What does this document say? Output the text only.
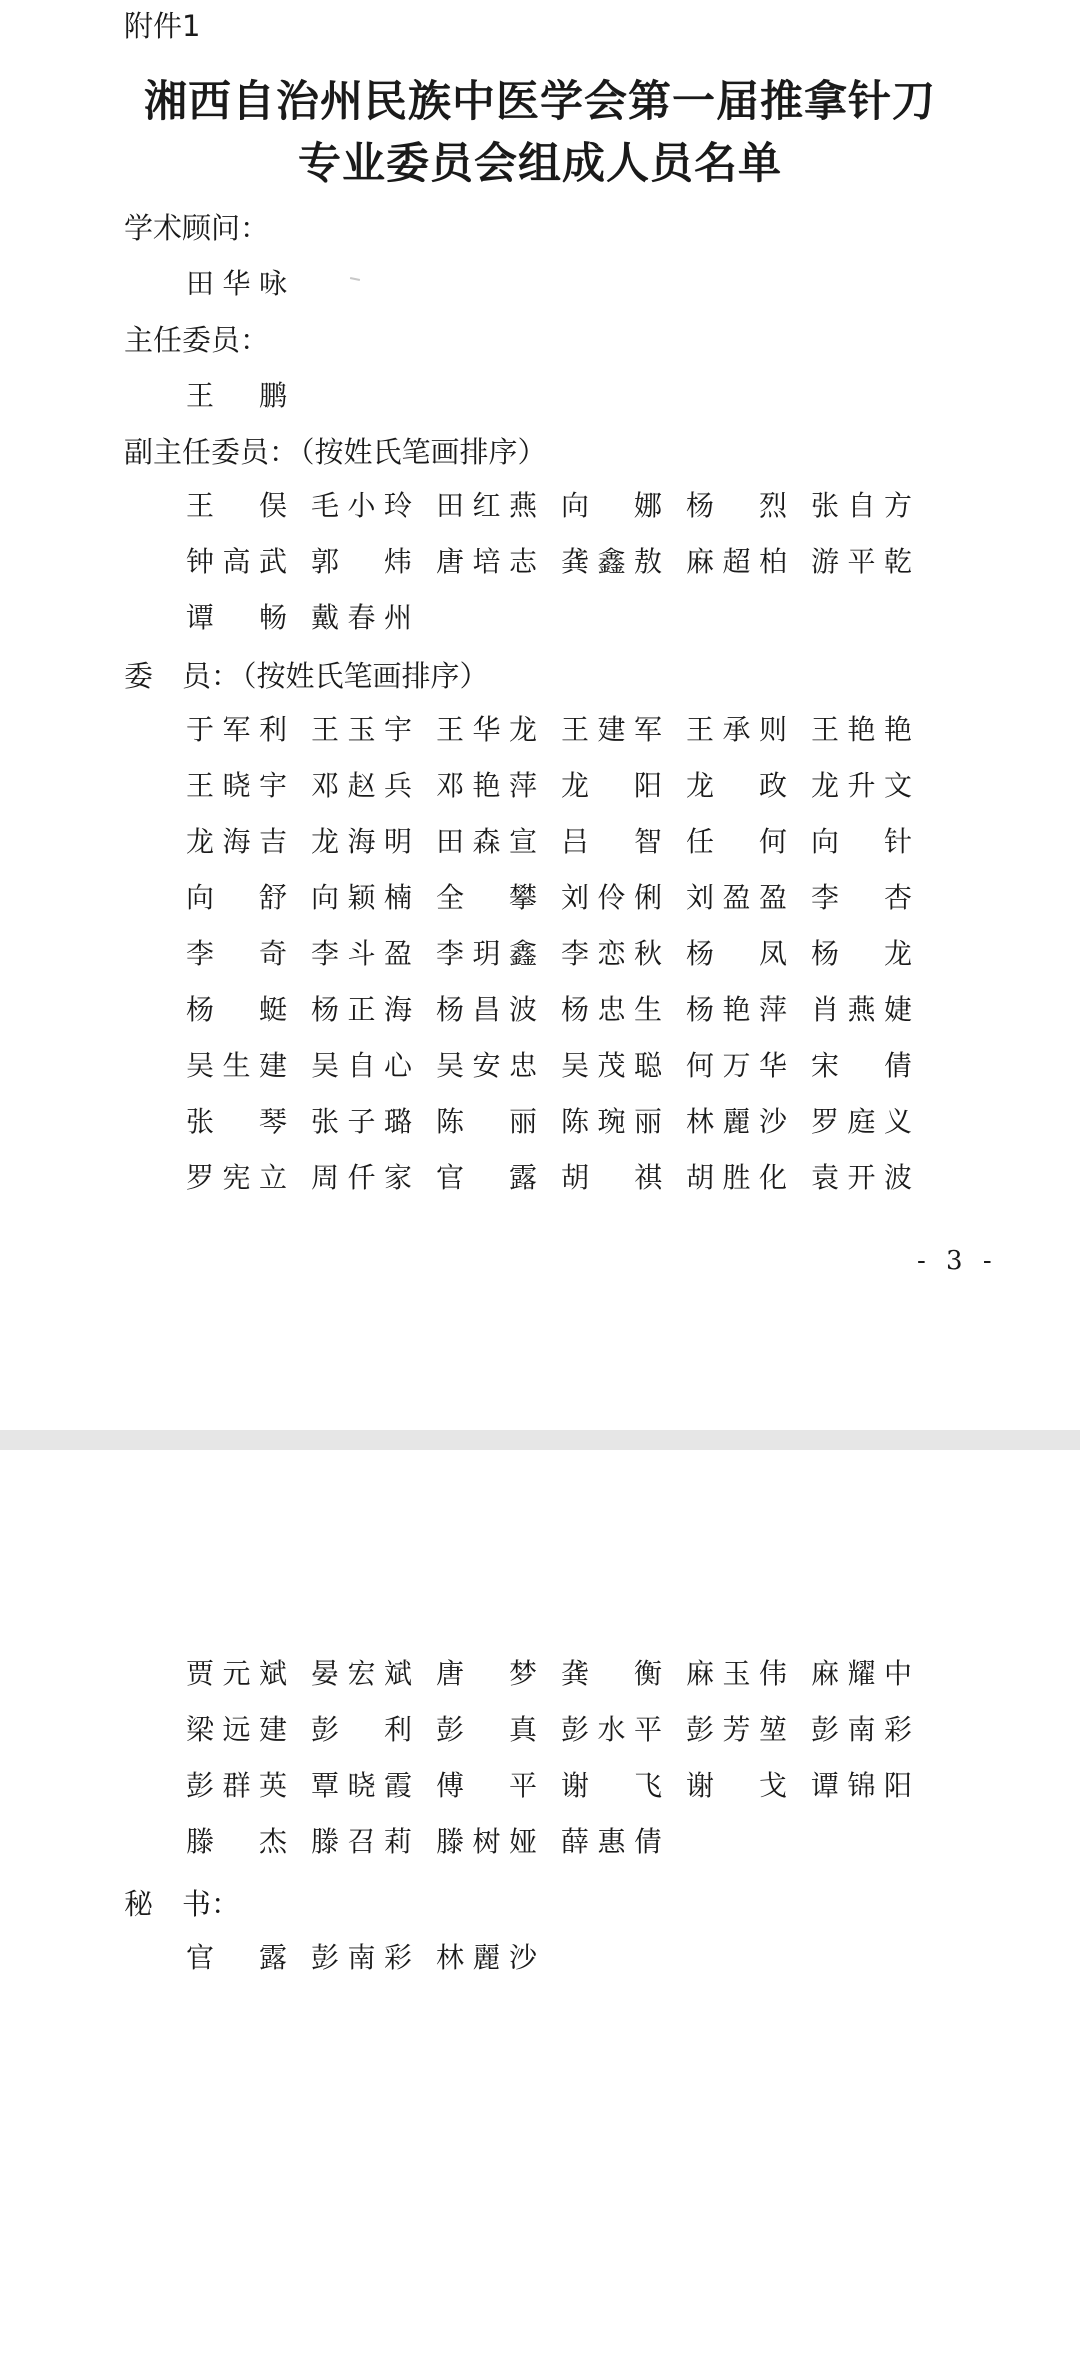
附件1
湘西自治州民族中医学会第一届推拿针刀
专业委员会组成人员名单
学术顾问：
田华咏
主任委员：
王　鹏
副主任委员：（按姓氏笔画排序）
王　俣 毛小玲 田红燕 向　娜 杨　烈 张自方
钟高武 郭　炜 唐培志 龚鑫敖 麻超柏 游平乾
谭　畅 戴春州
委　员：（按姓氏笔画排序）
于军利 王玉宇 王华龙 王建军 王承则 王艳艳
王晓宇 邓赵兵 邓艳萍 龙　阳 龙　政 龙升文
龙海吉 龙海明 田森宣 吕　智 任　何 向　针
向　舒 向颖楠 全　攀 刘伶俐 刘盈盈 李　杏
李　奇 李斗盈 李玥鑫 李恋秋 杨　凤 杨　龙
杨　蜓 杨正海 杨昌波 杨忠生 杨艳萍 肖燕婕
吴生建 吴自心 吴安忠 吴茂聪 何万华 宋　倩
张　琴 张子璐 陈　丽 陈琬丽 林麗沙 罗庭义
罗宪立 周仟家 官　露 胡　祺 胡胜化 袁开波
- 3 -
贾元斌 晏宏斌 唐　梦 龚　衡 麻玉伟 麻耀中
梁远建 彭　利 彭　真 彭水平 彭芳堃 彭南彩
彭群英 覃晓霞 傅　平 谢　飞 谢　戈 谭锦阳
滕　杰 滕召莉 滕树娅 薛惠倩
秘　书：
官　露 彭南彩 林麗沙
